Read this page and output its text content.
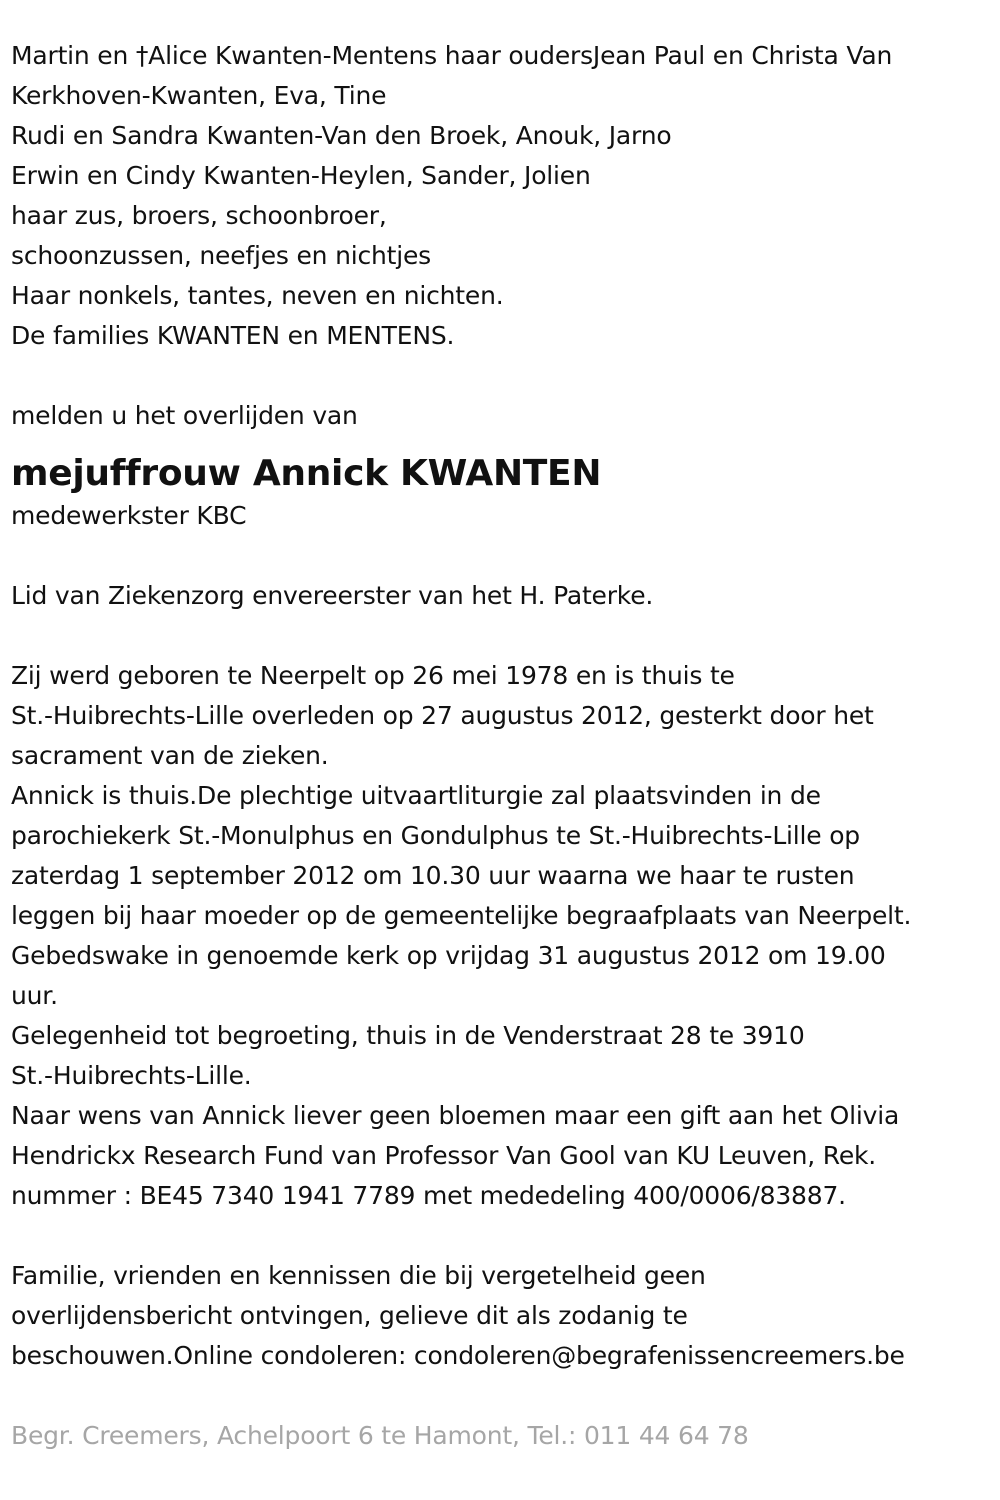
Martin en †Alice Kwanten-Mentens haar oudersJean Paul en Christa Van
Kerkhoven-Kwanten, Eva, Tine
Rudi en Sandra Kwanten-Van den Broek, Anouk, Jarno
Erwin en Cindy Kwanten-Heylen, Sander, Jolien
haar zus, broers, schoonbroer,
schoonzussen, neefjes en nichtjes
Haar nonkels, tantes, neven en nichten.
De families KWANTEN en MENTENS.
melden u het overlijden van
mejuffrouw Annick KWANTEN
medewerkster KBC
Lid van Ziekenzorg envereerster van het H. Paterke.
Zij werd geboren te Neerpelt op 26 mei 1978 en is thuis te
St.-Huibrechts-Lille overleden op 27 augustus 2012, gesterkt door het
sacrament van de zieken.
Annick is thuis.De plechtige uitvaartliturgie zal plaatsvinden in de
parochiekerk St.-Monulphus en Gondulphus te St.-Huibrechts-Lille op
zaterdag 1 september 2012 om 10.30 uur waarna we haar te rusten
leggen bij haar moeder op de gemeentelijke begraafplaats van Neerpelt.
Gebedswake in genoemde kerk op vrijdag 31 augustus 2012 om 19.00
uur.
Gelegenheid tot begroeting, thuis in de Venderstraat 28 te 3910
St.-Huibrechts-Lille.
Naar wens van Annick liever geen bloemen maar een gift aan het Olivia
Hendrickx Research Fund van Professor Van Gool van KU Leuven, Rek.
nummer : BE45 7340 1941 7789 met mededeling 400/0006/83887.
Familie, vrienden en kennissen die bij vergetelheid geen
overlijdensbericht ontvingen, gelieve dit als zodanig te
beschouwen.Online condoleren: condoleren@begrafenissencreemers.be
Begr. Creemers, Achelpoort 6 te Hamont, Tel.: 011 44 64 78
